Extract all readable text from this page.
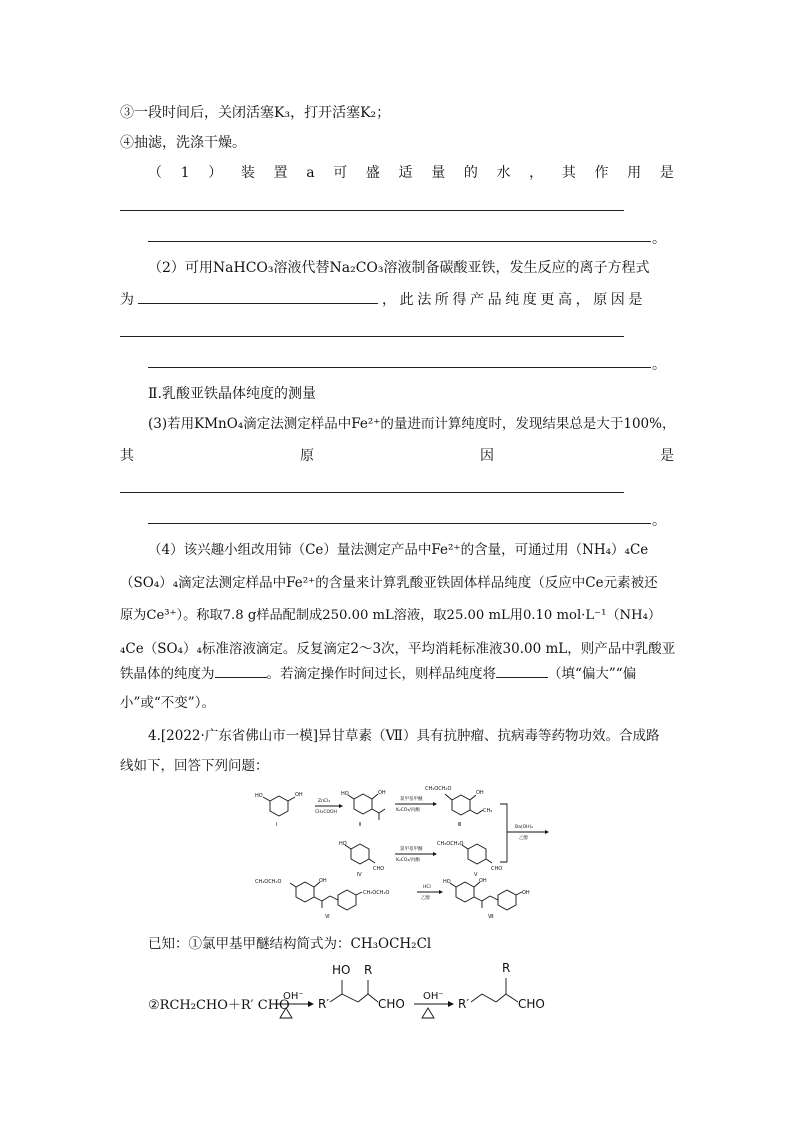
③一段时间后，关闭活塞K₃，打开活塞K₂；
④抽滤，洗涤干燥。
（ 1 ） 装 置 a 可 盛 适 量 的 水 ， 其 作 用 是
。
（2）可用NaHCO₃溶液代替Na₂CO₃溶液制备碳酸亚铁，发生反应的离子方程式
为	，此法所得产品纯度更高，原因是
。
Ⅱ.乳酸亚铁晶体纯度的测量
(3)若用KMnO₄滴定法测定样品中Fe²⁺的量进而计算纯度时，发现结果总是大于100%，
其	原	因	是
。
（4）该兴趣小组改用铈（Ce）量法测定产品中Fe²⁺的含量，可通过用（NH₄）₄Ce
（SO₄）₄滴定法测定样品中Fe²⁺的含量来计算乳酸亚铁固体样品纯度（反应中Ce元素被还
原为Ce³⁺）。称取7.8 g样品配制成250.00 mL溶液，取25.00 mL用0.10 mol·L⁻¹（NH₄）
₄Ce（SO₄）₄标准溶液滴定。反复滴定2～3次，平均消耗标准液30.00 mL，则产品中乳酸亚
铁晶体的纯度为	。若滴定操作时间过长，则样品纯度将	（填“偏大”“偏
小”或“不变”）。
4.[2022·广东省佛山市一模]异甘草素（Ⅶ）具有抗肿瘤、抗病毒等药物功效。合成路
线如下，回答下列问题：
HO	OH
Ⅰ
ZnCl₂
CH₃COOH
HO	OH
Ⅱ
氯甲基甲醚
K₂CO₃/丙酮
CH₃OCH₂O
OH
CH₃
Ⅲ	Ba(OH)₂
乙醇
HO
CHO
Ⅳ
氯甲基甲醚
K₂CO₃/丙酮
CH₃OCH₂O
CHO
Ⅴ
CH₃OCH₂O	OH
CH₃OCH₂O
Ⅵ
HCl
乙醇
HO	OH
OH
Ⅶ
已知：①氯甲基甲醚结构简式为：CH₃OCH₂Cl
②RCH₂CHO＋R′ CHO
OH⁻
R′
HO R
CHO
OH⁻
R′
R
CHO
